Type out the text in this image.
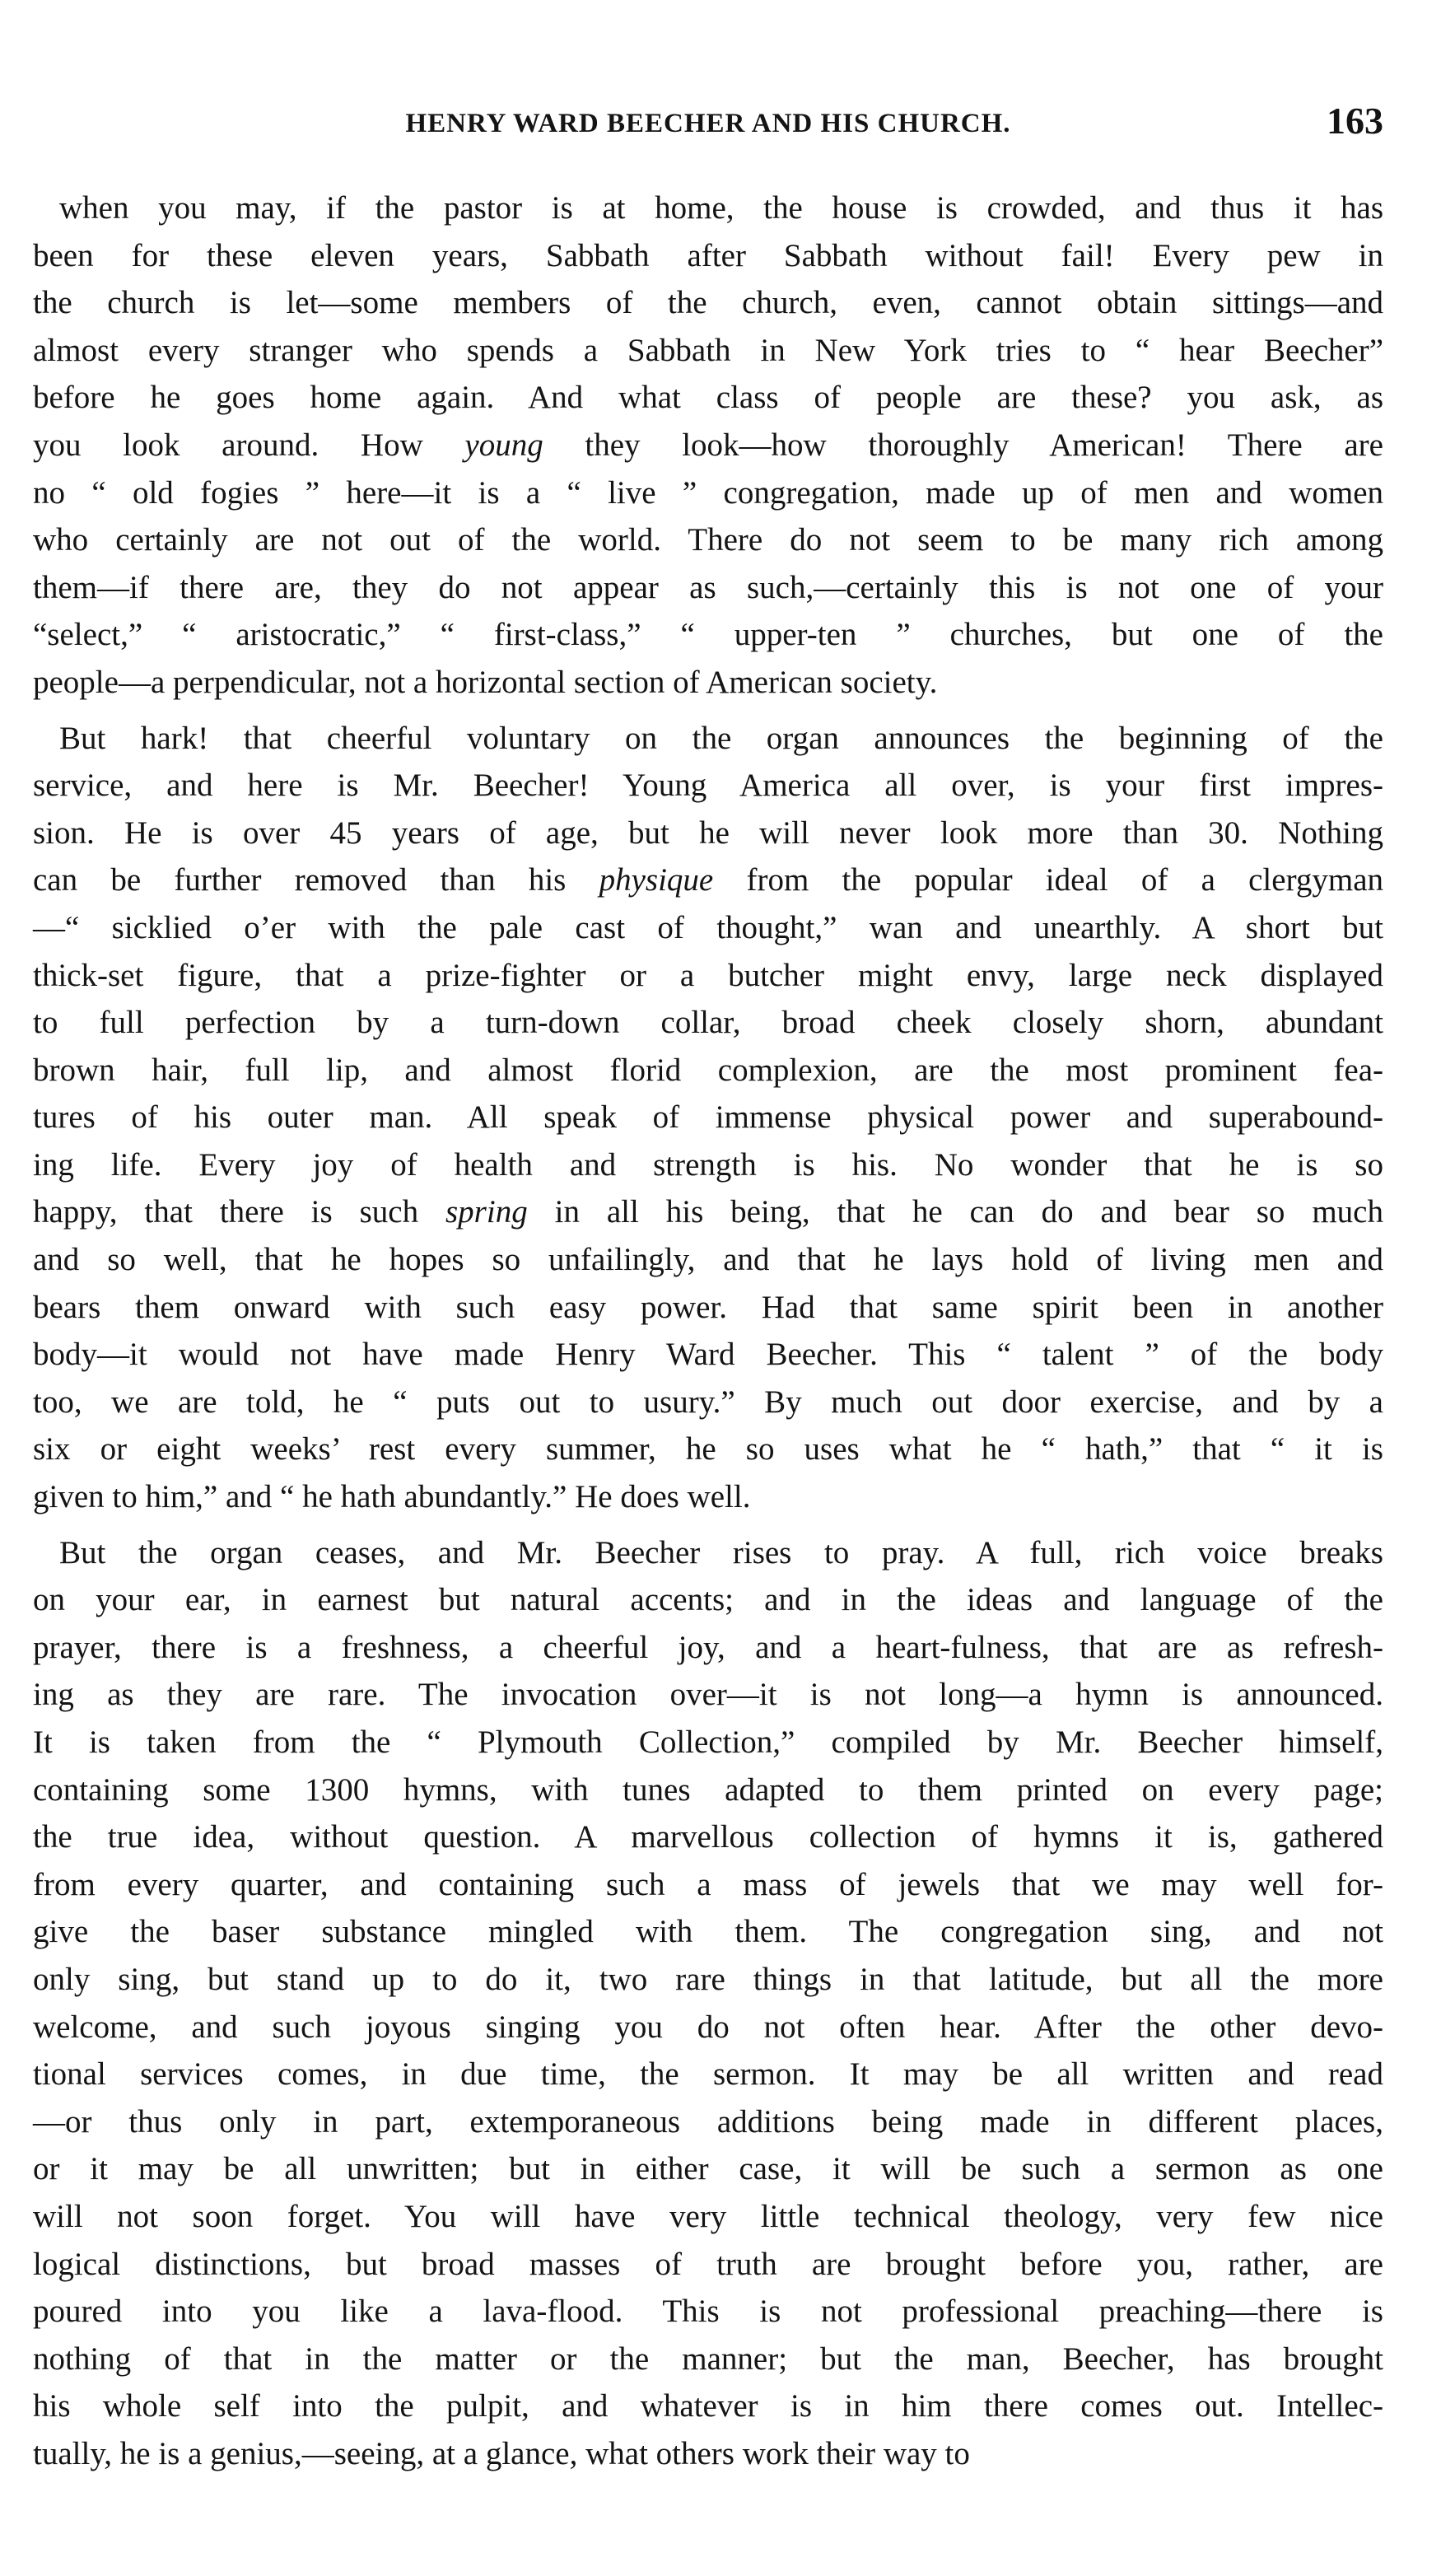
HENRY WARD BEECHER AND HIS CHURCH.	163
when you may, if the pastor is at home, the house is crowded, and thus it has
been for these eleven years, Sabbath after Sabbath without fail! Every pew in
the church is let—some members of the church, even, cannot obtain sittings—and
almost every stranger who spends a Sabbath in New York tries to “ hear Beecher”
before he goes home again. And what class of people are these? you ask, as
you look around. How young they look—how thoroughly American! There are
no “ old fogies ” here—it is a “ live ” congregation, made up of men and women
who certainly are not out of the world. There do not seem to be many rich among
them—if there are, they do not appear as such,—certainly this is not one of your
“select,” “ aristocratic,” “ first-class,” “ upper-ten ” churches, but one of the
people—a perpendicular, not a horizontal section of American society.
But hark! that cheerful voluntary on the organ announces the beginning of the
service, and here is Mr. Beecher! Young America all over, is your first impres-
sion. He is over 45 years of age, but he will never look more than 30. Nothing
can be further removed than his physique from the popular ideal of a clergyman
—“ sicklied o’er with the pale cast of thought,” wan and unearthly. A short but
thick-set figure, that a prize-fighter or a butcher might envy, large neck displayed
to full perfection by a turn-down collar, broad cheek closely shorn, abundant
brown hair, full lip, and almost florid complexion, are the most prominent fea-
tures of his outer man. All speak of immense physical power and superabound-
ing life. Every joy of health and strength is his. No wonder that he is so
happy, that there is such spring in all his being, that he can do and bear so much
and so well, that he hopes so unfailingly, and that he lays hold of living men and
bears them onward with such easy power. Had that same spirit been in another
body—it would not have made Henry Ward Beecher. This “ talent ” of the body
too, we are told, he “ puts out to usury.” By much out door exercise, and by a
six or eight weeks’ rest every summer, he so uses what he “ hath,” that “ it is
given to him,” and “ he hath abundantly.” He does well.
But the organ ceases, and Mr. Beecher rises to pray. A full, rich voice breaks
on your ear, in earnest but natural accents; and in the ideas and language of the
prayer, there is a freshness, a cheerful joy, and a heart-fulness, that are as refresh-
ing as they are rare. The invocation over—it is not long—a hymn is announced.
It is taken from the “ Plymouth Collection,” compiled by Mr. Beecher himself,
containing some 1300 hymns, with tunes adapted to them printed on every page;
the true idea, without question. A marvellous collection of hymns it is, gathered
from every quarter, and containing such a mass of jewels that we may well for-
give the baser substance mingled with them. The congregation sing, and not
only sing, but stand up to do it, two rare things in that latitude, but all the more
welcome, and such joyous singing you do not often hear. After the other devo-
tional services comes, in due time, the sermon. It may be all written and read
—or thus only in part, extemporaneous additions being made in different places,
or it may be all unwritten; but in either case, it will be such a sermon as one
will not soon forget. You will have very little technical theology, very few nice
logical distinctions, but broad masses of truth are brought before you, rather, are
poured into you like a lava-flood. This is not professional preaching—there is
nothing of that in the matter or the manner; but the man, Beecher, has brought
his whole self into the pulpit, and whatever is in him there comes out. Intellec-
tually, he is a genius,—seeing, at a glance, what others work their way to
